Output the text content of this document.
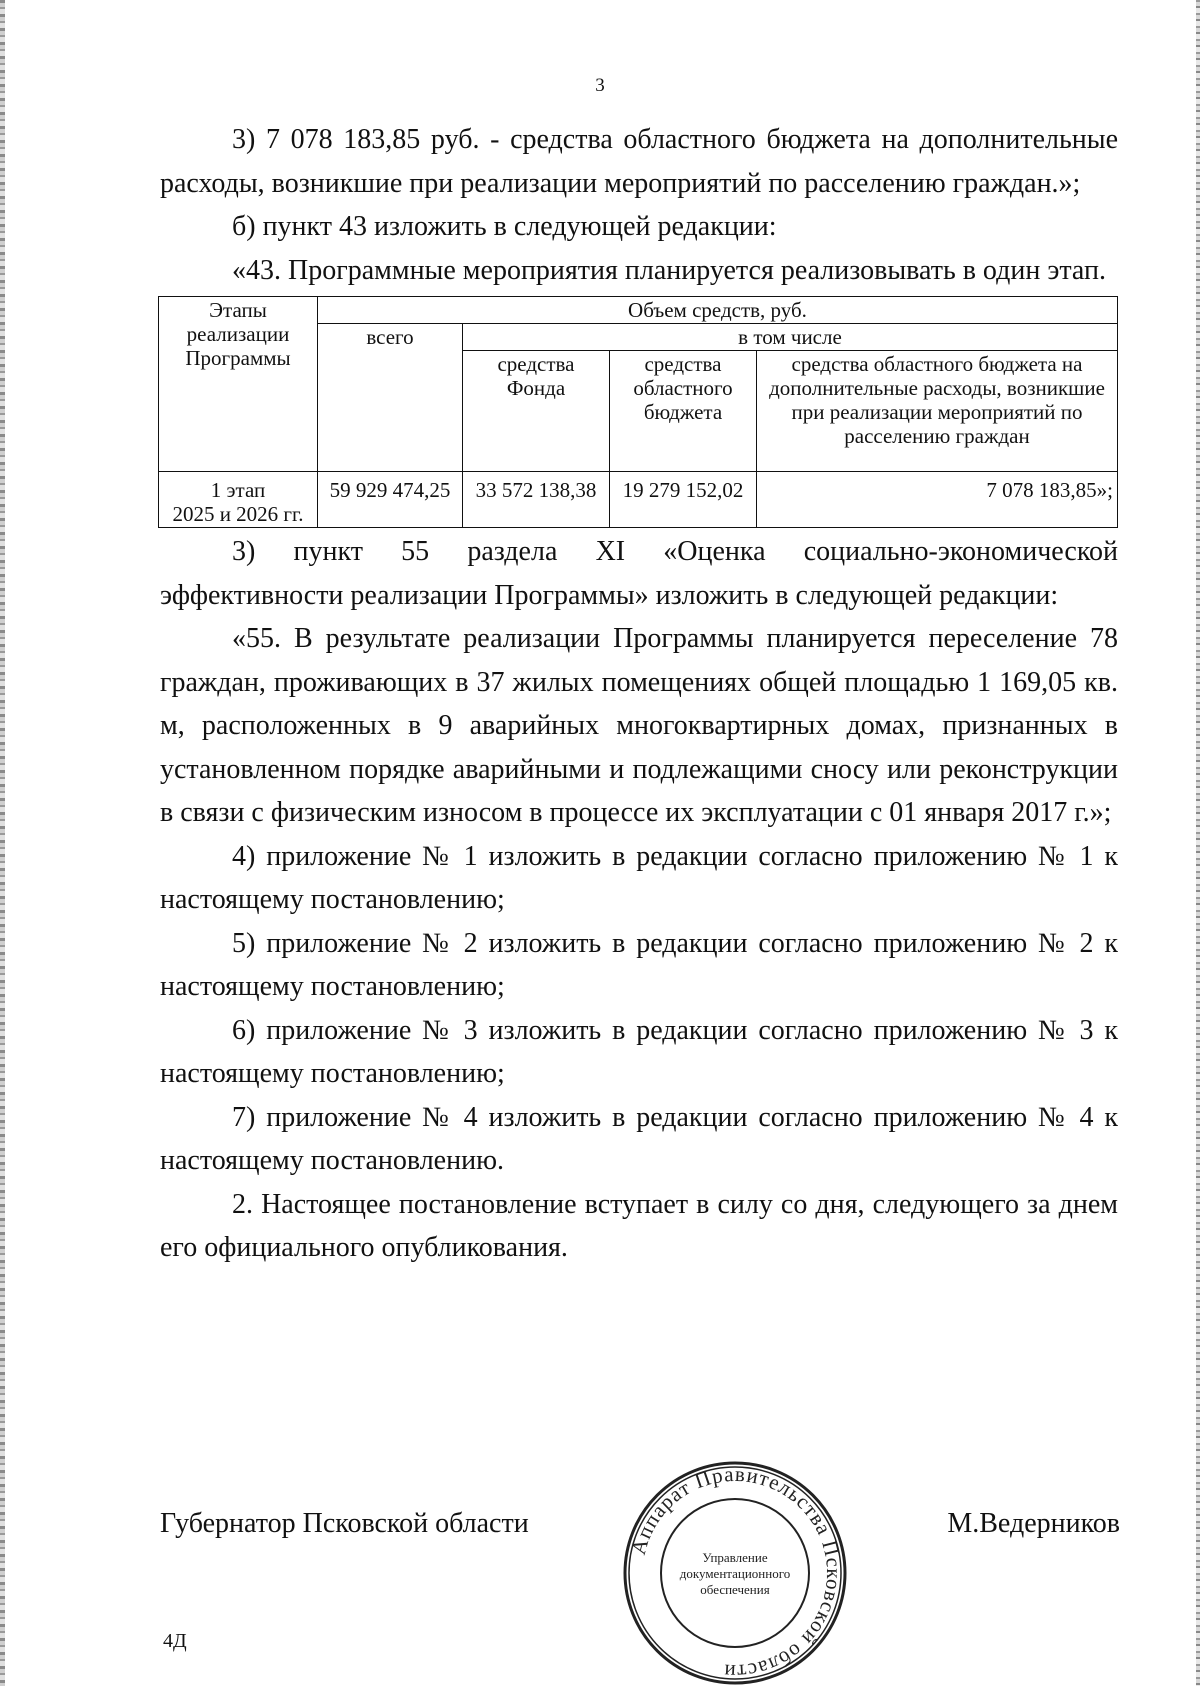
3

3) 7 078 183,85 руб. - средства областного бюджета на дополнительные расходы, возникшие при реализации мероприятий по расселению граждан.»;

б) пункт 43 изложить в следующей редакции:

«43. Программные мероприятия планируется реализовывать в один этап.

Этапы реализации Программы	Объем средств, руб.			
	всего	в том числе		
		средства Фонда	средства областного бюджета	средства областного бюджета на дополнительные расходы, возникшие при реализации мероприятий по расселению граждан

1 этап
2025 и 2026 гг.	59 929 474,25	33 572 138,38	19 279 152,02	7 078 183,85»;

3) пункт 55 раздела XI «Оценка социально-экономической эффективности реализации Программы» изложить в следующей редакции:

«55. В результате реализации Программы планируется переселение 78 граждан, проживающих в 37 жилых помещениях общей площадью 1 169,05 кв. м, расположенных в 9 аварийных многоквартирных домах, признанных в установленном порядке аварийными и подлежащими сносу или реконструкции в связи с физическим износом в процессе их эксплуатации с 01 января 2017 г.»;

4) приложение № 1 изложить в редакции согласно приложению № 1 к настоящему постановлению;

5) приложение № 2 изложить в редакции согласно приложению № 2 к настоящему постановлению;

6) приложение № 3 изложить в редакции согласно приложению № 3 к настоящему постановлению;

7) приложение № 4 изложить в редакции согласно приложению № 4 к настоящему постановлению.

2. Настоящее постановление вступает в силу со дня, следующего за днем его официального опубликования.

Губернатор Псковской области	М.Ведерников
Аппарат Правительства Псковской области
Управление
документационного
обеспечения
4Д
